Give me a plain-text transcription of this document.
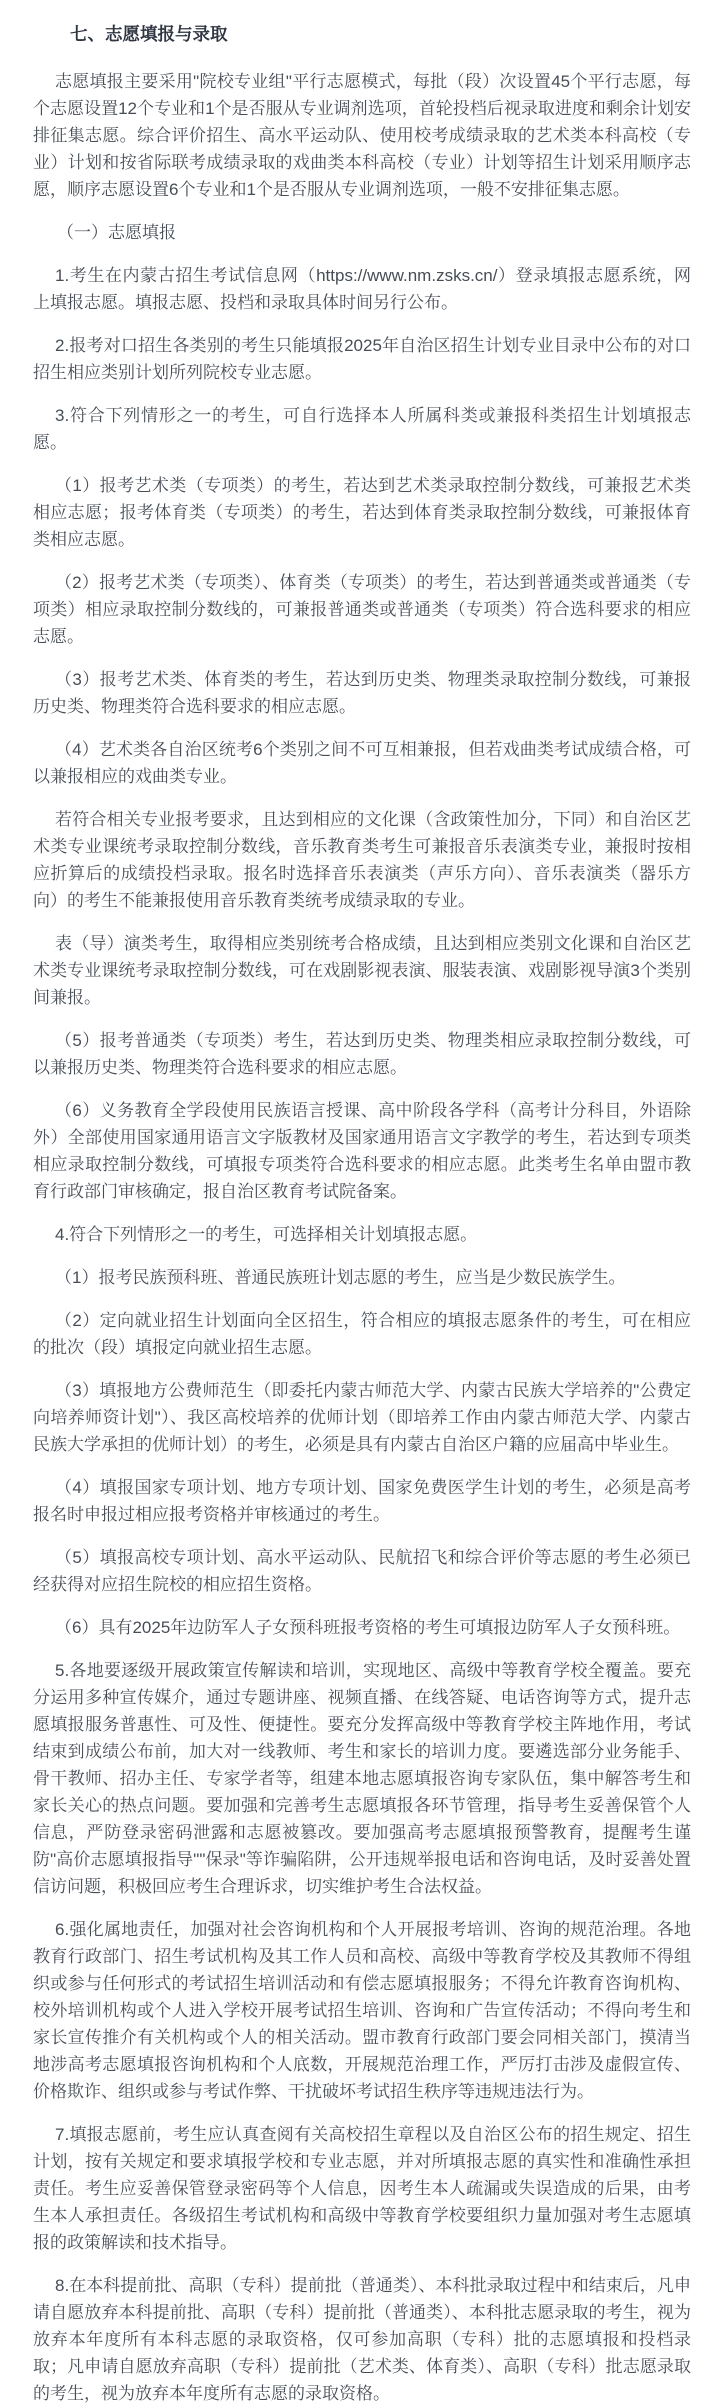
七、志愿填报与录取

志愿填报主要采用"院校专业组"平行志愿模式，每批（段）次设置45个平行志愿，每个志愿设置12个专业和1个是否服从专业调剂选项，首轮投档后视录取进度和剩余计划安排征集志愿。综合评价招生、高水平运动队、使用校考成绩录取的艺术类本科高校（专业）计划和按省际联考成绩录取的戏曲类本科高校（专业）计划等招生计划采用顺序志愿，顺序志愿设置6个专业和1个是否服从专业调剂选项，一般不安排征集志愿。

（一）志愿填报

1.考生在内蒙古招生考试信息网（https://www.nm.zsks.cn/）登录填报志愿系统，网上填报志愿。填报志愿、投档和录取具体时间另行公布。

2.报考对口招生各类别的考生只能填报2025年自治区招生计划专业目录中公布的对口招生相应类别计划所列院校专业志愿。

3.符合下列情形之一的考生，可自行选择本人所属科类或兼报科类招生计划填报志愿。

（1）报考艺术类（专项类）的考生，若达到艺术类录取控制分数线，可兼报艺术类相应志愿；报考体育类（专项类）的考生，若达到体育类录取控制分数线，可兼报体育类相应志愿。

（2）报考艺术类（专项类）、体育类（专项类）的考生，若达到普通类或普通类（专项类）相应录取控制分数线的，可兼报普通类或普通类（专项类）符合选科要求的相应志愿。

（3）报考艺术类、体育类的考生，若达到历史类、物理类录取控制分数线，可兼报历史类、物理类符合选科要求的相应志愿。

（4）艺术类各自治区统考6个类别之间不可互相兼报，但若戏曲类考试成绩合格，可以兼报相应的戏曲类专业。

若符合相关专业报考要求，且达到相应的文化课（含政策性加分，下同）和自治区艺术类专业课统考录取控制分数线，音乐教育类考生可兼报音乐表演类专业，兼报时按相应折算后的成绩投档录取。报名时选择音乐表演类（声乐方向）、音乐表演类（器乐方向）的考生不能兼报使用音乐教育类统考成绩录取的专业。

表（导）演类考生，取得相应类别统考合格成绩，且达到相应类别文化课和自治区艺术类专业课统考录取控制分数线，可在戏剧影视表演、服装表演、戏剧影视导演3个类别间兼报。

（5）报考普通类（专项类）考生，若达到历史类、物理类相应录取控制分数线，可以兼报历史类、物理类符合选科要求的相应志愿。

（6）义务教育全学段使用民族语言授课、高中阶段各学科（高考计分科目，外语除外）全部使用国家通用语言文字版教材及国家通用语言文字教学的考生，若达到专项类相应录取控制分数线，可填报专项类符合选科要求的相应志愿。此类考生名单由盟市教育行政部门审核确定，报自治区教育考试院备案。

4.符合下列情形之一的考生，可选择相关计划填报志愿。

（1）报考民族预科班、普通民族班计划志愿的考生，应当是少数民族学生。

（2）定向就业招生计划面向全区招生，符合相应的填报志愿条件的考生，可在相应的批次（段）填报定向就业招生志愿。

（3）填报地方公费师范生（即委托内蒙古师范大学、内蒙古民族大学培养的"公费定向培养师资计划"）、我区高校培养的优师计划（即培养工作由内蒙古师范大学、内蒙古民族大学承担的优师计划）的考生，必须是具有内蒙古自治区户籍的应届高中毕业生。

（4）填报国家专项计划、地方专项计划、国家免费医学生计划的考生，必须是高考报名时申报过相应报考资格并审核通过的考生。

（5）填报高校专项计划、高水平运动队、民航招飞和综合评价等志愿的考生必须已经获得对应招生院校的相应招生资格。

（6）具有2025年边防军人子女预科班报考资格的考生可填报边防军人子女预科班。

5.各地要逐级开展政策宣传解读和培训，实现地区、高级中等教育学校全覆盖。要充分运用多种宣传媒介，通过专题讲座、视频直播、在线答疑、电话咨询等方式，提升志愿填报服务普惠性、可及性、便捷性。要充分发挥高级中等教育学校主阵地作用，考试结束到成绩公布前，加大对一线教师、考生和家长的培训力度。要遴选部分业务能手、骨干教师、招办主任、专家学者等，组建本地志愿填报咨询专家队伍，集中解答考生和家长关心的热点问题。要加强和完善考生志愿填报各环节管理，指导考生妥善保管个人信息，严防登录密码泄露和志愿被篡改。要加强高考志愿填报预警教育，提醒考生谨防"高价志愿填报指导""保录"等诈骗陷阱，公开违规举报电话和咨询电话，及时妥善处置信访问题，积极回应考生合理诉求，切实维护考生合法权益。

6.强化属地责任，加强对社会咨询机构和个人开展报考培训、咨询的规范治理。各地教育行政部门、招生考试机构及其工作人员和高校、高级中等教育学校及其教师不得组织或参与任何形式的考试招生培训活动和有偿志愿填报服务；不得允许教育咨询机构、校外培训机构或个人进入学校开展考试招生培训、咨询和广告宣传活动；不得向考生和家长宣传推介有关机构或个人的相关活动。盟市教育行政部门要会同相关部门，摸清当地涉高考志愿填报咨询机构和个人底数，开展规范治理工作，严厉打击涉及虚假宣传、价格欺诈、组织或参与考试作弊、干扰破坏考试招生秩序等违规违法行为。

7.填报志愿前，考生应认真查阅有关高校招生章程以及自治区公布的招生规定、招生计划，按有关规定和要求填报学校和专业志愿，并对所填报志愿的真实性和准确性承担责任。考生应妥善保管登录密码等个人信息，因考生本人疏漏或失误造成的后果，由考生本人承担责任。各级招生考试机构和高级中等教育学校要组织力量加强对考生志愿填报的政策解读和技术指导。

8.在本科提前批、高职（专科）提前批（普通类）、本科批录取过程中和结束后，凡申请自愿放弃本科提前批、高职（专科）提前批（普通类）、本科批志愿录取的考生，视为放弃本年度所有本科志愿的录取资格，仅可参加高职（专科）批的志愿填报和投档录取；凡申请自愿放弃高职（专科）提前批（艺术类、体育类）、高职（专科）批志愿录取的考生，视为放弃本年度所有志愿的录取资格。
